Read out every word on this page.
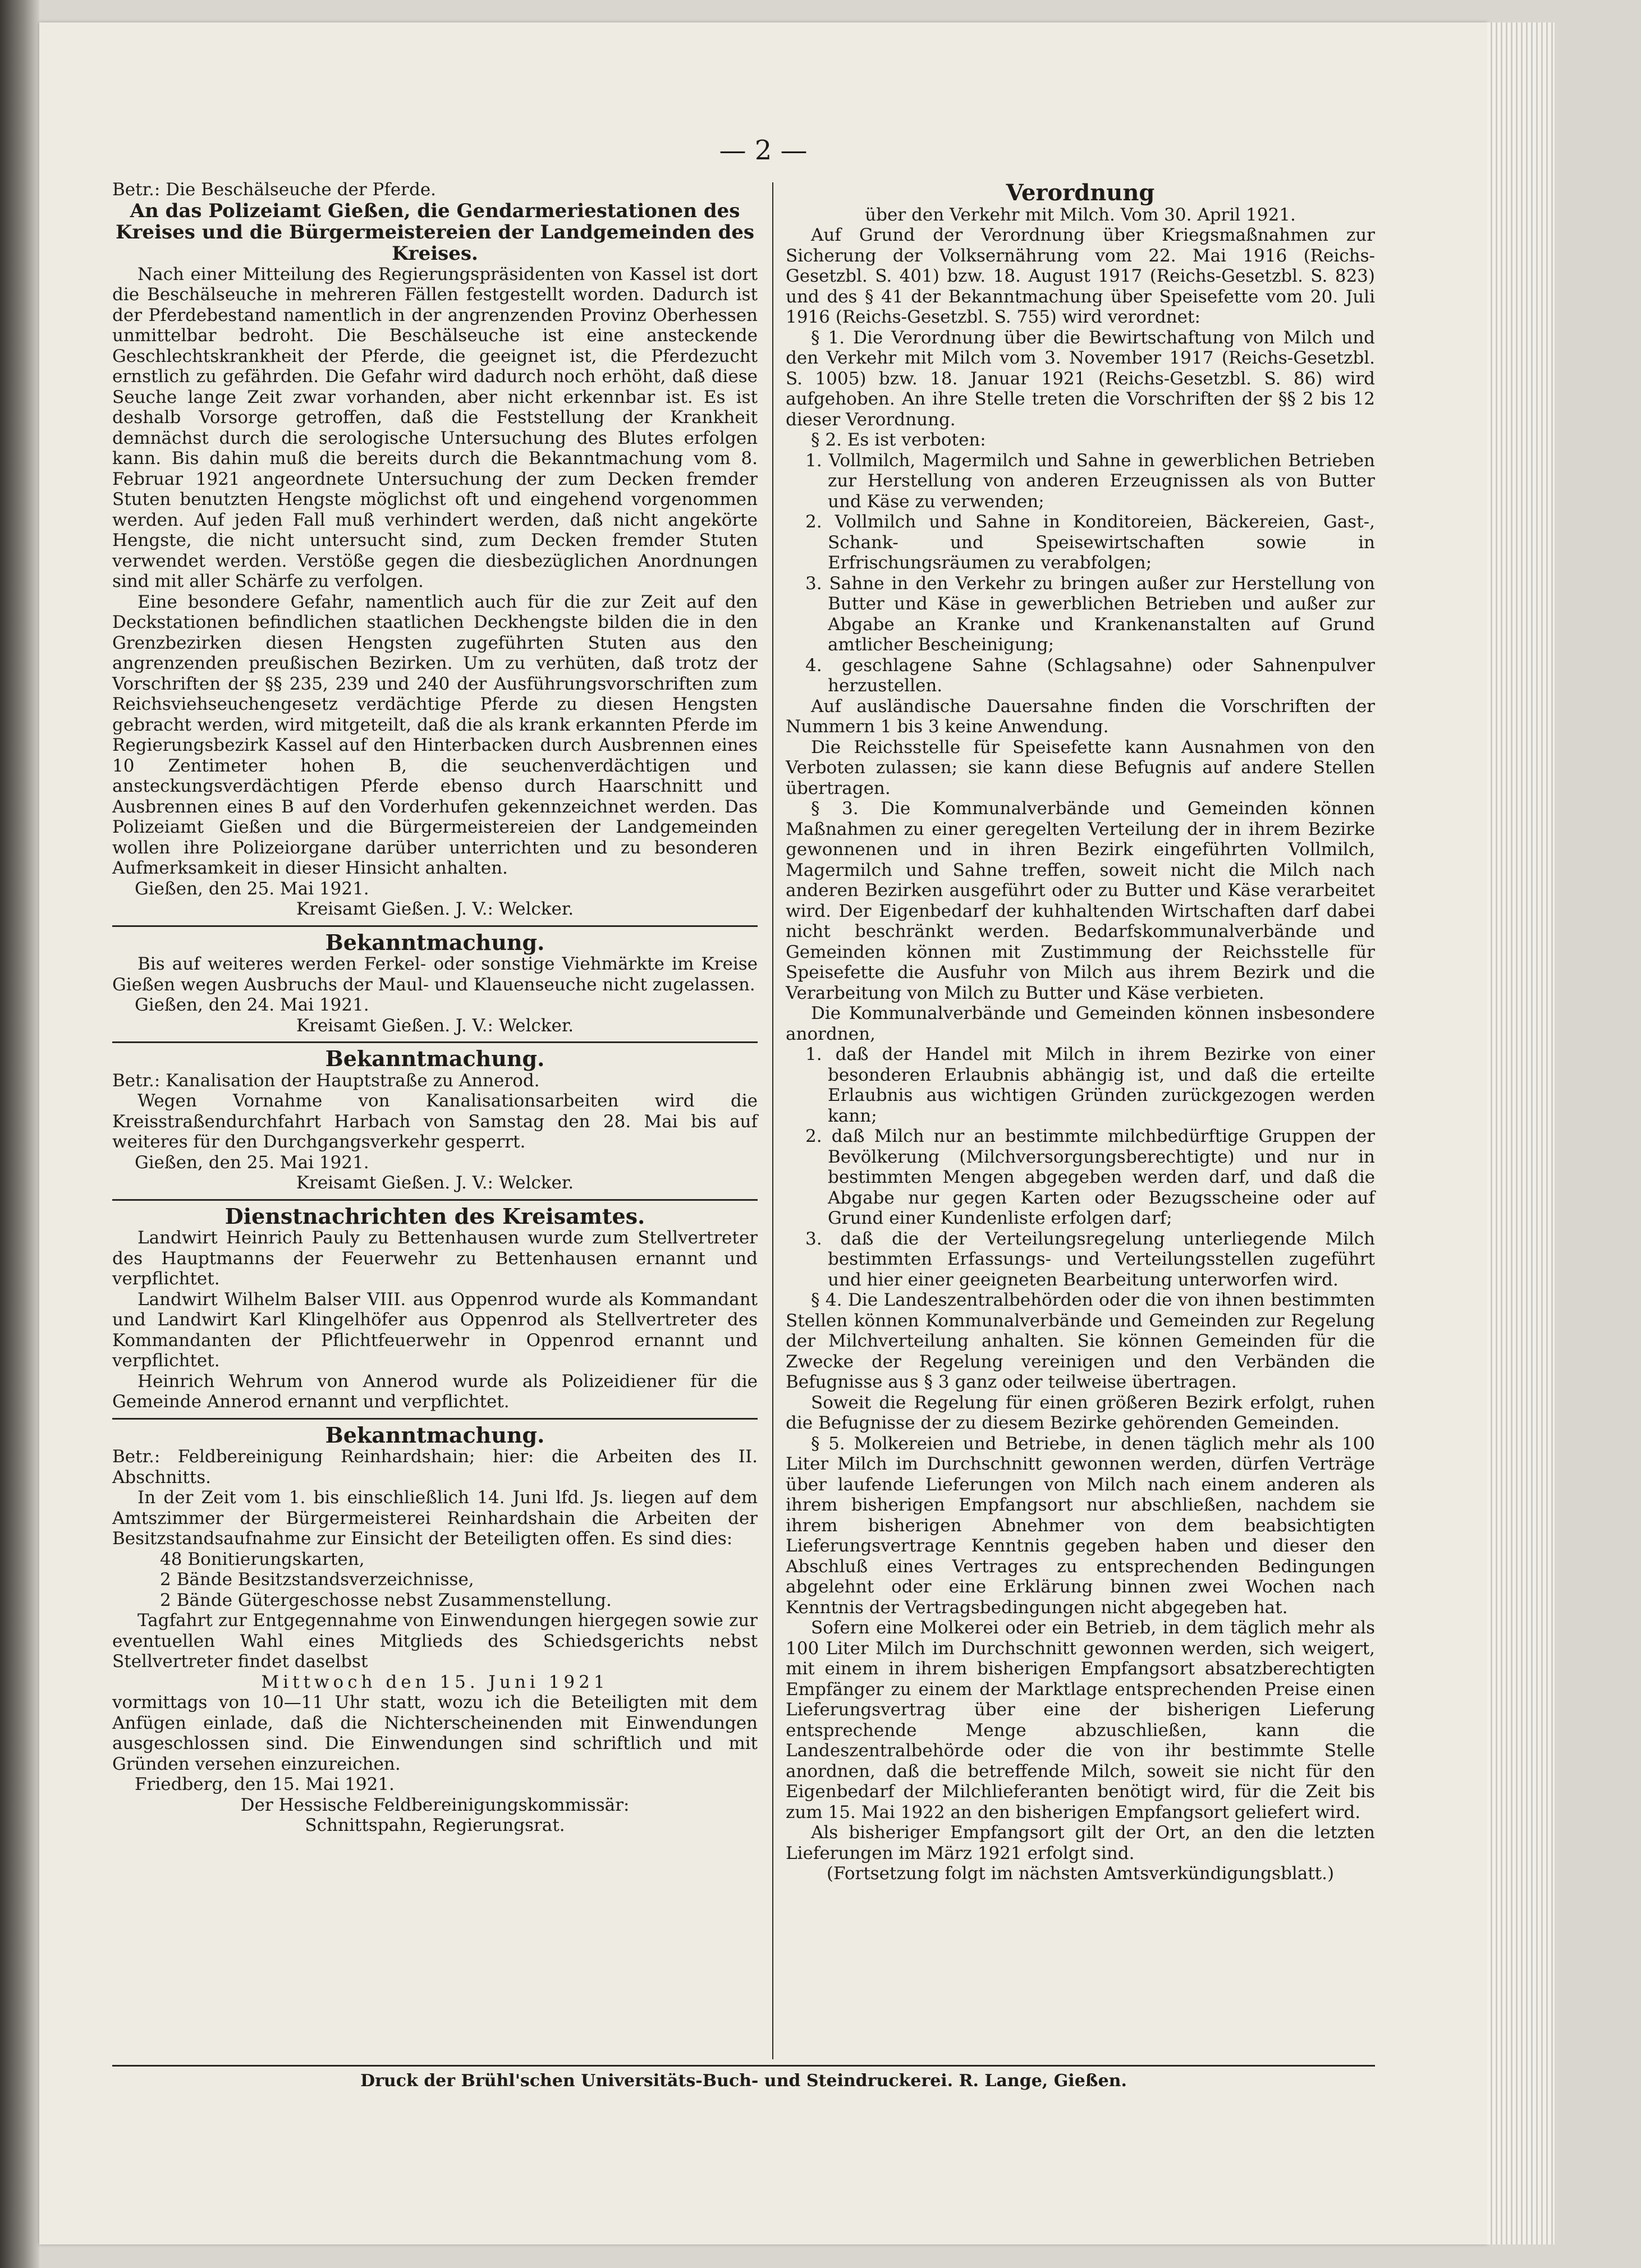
— 2 —

Betr.: Die Beschälseuche der Pferde.

An das Polizeiamt Gießen, die Gendarmeriestationen des Kreises und die Bürgermeistereien der Landgemeinden des Kreises.

Nach einer Mitteilung des Regierungspräsidenten von Kassel ist dort die Beschälseuche in mehreren Fällen festgestellt worden. Dadurch ist der Pferdebestand namentlich in der angrenzenden Provinz Oberhessen unmittelbar bedroht. Die Beschälseuche ist eine ansteckende Geschlechtskrankheit der Pferde, die geeignet ist, die Pferdezucht ernstlich zu gefährden. Die Gefahr wird dadurch noch erhöht, daß diese Seuche lange Zeit zwar vorhanden, aber nicht erkennbar ist. Es ist deshalb Vorsorge getroffen, daß die Feststellung der Krankheit demnächst durch die serologische Untersuchung des Blutes erfolgen kann. Bis dahin muß die bereits durch die Bekanntmachung vom 8. Februar 1921 angeordnete Untersuchung der zum Decken fremder Stuten benutzten Hengste möglichst oft und eingehend vorgenommen werden. Auf jeden Fall muß verhindert werden, daß nicht angekörte Hengste, die nicht untersucht sind, zum Decken fremder Stuten verwendet werden. Verstöße gegen die diesbezüglichen Anordnungen sind mit aller Schärfe zu verfolgen.

Eine besondere Gefahr, namentlich auch für die zur Zeit auf den Deckstationen befindlichen staatlichen Deckhengste bilden die in den Grenzbezirken diesen Hengsten zugeführten Stuten aus den angrenzenden preußischen Bezirken. Um zu verhüten, daß trotz der Vorschriften der §§ 235, 239 und 240 der Ausführungsvorschriften zum Reichsviehseuchengesetz verdächtige Pferde zu diesen Hengsten gebracht werden, wird mitgeteilt, daß die als krank erkannten Pferde im Regierungsbezirk Kassel auf den Hinterbacken durch Ausbrennen eines 10 Zentimeter hohen B, die seuchenverdächtigen und ansteckungsverdächtigen Pferde ebenso durch Haarschnitt und Ausbrennen eines B auf den Vorderhufen gekennzeichnet werden. Das Polizeiamt Gießen und die Bürgermeistereien der Landgemeinden wollen ihre Polizeiorgane darüber unterrichten und zu besonderen Aufmerksamkeit in dieser Hinsicht anhalten.

Gießen, den 25. Mai 1921.

Kreisamt Gießen. J. V.: Welcker.

Bekanntmachung.

Bis auf weiteres werden Ferkel- oder sonstige Viehmärkte im Kreise Gießen wegen Ausbruchs der Maul- und Klauenseuche nicht zugelassen.

Gießen, den 24. Mai 1921.

Kreisamt Gießen. J. V.: Welcker.

Bekanntmachung.

Betr.: Kanalisation der Hauptstraße zu Annerod.

Wegen Vornahme von Kanalisationsarbeiten wird die Kreisstraßendurchfahrt Harbach von Samstag den 28. Mai bis auf weiteres für den Durchgangsverkehr gesperrt.

Gießen, den 25. Mai 1921.

Kreisamt Gießen. J. V.: Welcker.

Dienstnachrichten des Kreisamtes.

Landwirt Heinrich Pauly zu Bettenhausen wurde zum Stellvertreter des Hauptmanns der Feuerwehr zu Bettenhausen ernannt und verpflichtet.

Landwirt Wilhelm Balser VIII. aus Oppenrod wurde als Kommandant und Landwirt Karl Klingelhöfer aus Oppenrod als Stellvertreter des Kommandanten der Pflichtfeuerwehr in Oppenrod ernannt und verpflichtet.

Heinrich Wehrum von Annerod wurde als Polizeidiener für die Gemeinde Annerod ernannt und verpflichtet.

Bekanntmachung.

Betr.: Feldbereinigung Reinhardshain; hier: die Arbeiten des II. Abschnitts.

In der Zeit vom 1. bis einschließlich 14. Juni lfd. Js. liegen auf dem Amtszimmer der Bürgermeisterei Reinhardshain die Arbeiten der Besitzstandsaufnahme zur Einsicht der Beteiligten offen. Es sind dies:

48 Bonitierungskarten,

2 Bände Besitzstandsverzeichnisse,

2 Bände Gütergeschosse nebst Zusammenstellung.

Tagfahrt zur Entgegennahme von Einwendungen hiergegen sowie zur eventuellen Wahl eines Mitglieds des Schiedsgerichts nebst Stellvertreter findet daselbst

Mittwoch den 15. Juni 1921

vormittags von 10—11 Uhr statt, wozu ich die Beteiligten mit dem Anfügen einlade, daß die Nichterscheinenden mit Einwendungen ausgeschlossen sind. Die Einwendungen sind schriftlich und mit Gründen versehen einzureichen.

Friedberg, den 15. Mai 1921.

Der Hessische Feldbereinigungskommissär:

Schnittspahn, Regierungsrat.

Verordnung

über den Verkehr mit Milch. Vom 30. April 1921.

Auf Grund der Verordnung über Kriegsmaßnahmen zur Sicherung der Volksernährung vom 22. Mai 1916 (Reichs-Gesetzbl. S. 401) bzw. 18. August 1917 (Reichs-Gesetzbl. S. 823) und des § 41 der Bekanntmachung über Speisefette vom 20. Juli 1916 (Reichs-Gesetzbl. S. 755) wird verordnet:

§ 1. Die Verordnung über die Bewirtschaftung von Milch und den Verkehr mit Milch vom 3. November 1917 (Reichs-Gesetzbl. S. 1005) bzw. 18. Januar 1921 (Reichs-Gesetzbl. S. 86) wird aufgehoben. An ihre Stelle treten die Vorschriften der §§ 2 bis 12 dieser Verordnung.

§ 2. Es ist verboten:

1. Vollmilch, Magermilch und Sahne in gewerblichen Betrieben zur Herstellung von anderen Erzeugnissen als von Butter und Käse zu verwenden;

2. Vollmilch und Sahne in Konditoreien, Bäckereien, Gast-, Schank- und Speisewirtschaften sowie in Erfrischungsräumen zu verabfolgen;

3. Sahne in den Verkehr zu bringen außer zur Herstellung von Butter und Käse in gewerblichen Betrieben und außer zur Abgabe an Kranke und Krankenanstalten auf Grund amtlicher Bescheinigung;

4. geschlagene Sahne (Schlagsahne) oder Sahnenpulver herzustellen.

Auf ausländische Dauersahne finden die Vorschriften der Nummern 1 bis 3 keine Anwendung.

Die Reichsstelle für Speisefette kann Ausnahmen von den Verboten zulassen; sie kann diese Befugnis auf andere Stellen übertragen.

§ 3. Die Kommunalverbände und Gemeinden können Maßnahmen zu einer geregelten Verteilung der in ihrem Bezirke gewonnenen und in ihren Bezirk eingeführten Vollmilch, Magermilch und Sahne treffen, soweit nicht die Milch nach anderen Bezirken ausgeführt oder zu Butter und Käse verarbeitet wird. Der Eigenbedarf der kuhhaltenden Wirtschaften darf dabei nicht beschränkt werden. Bedarfskommunalverbände und Gemeinden können mit Zustimmung der Reichsstelle für Speisefette die Ausfuhr von Milch aus ihrem Bezirk und die Verarbeitung von Milch zu Butter und Käse verbieten.

Die Kommunalverbände und Gemeinden können insbesondere anordnen,

1. daß der Handel mit Milch in ihrem Bezirke von einer besonderen Erlaubnis abhängig ist, und daß die erteilte Erlaubnis aus wichtigen Gründen zurückgezogen werden kann;

2. daß Milch nur an bestimmte milchbedürftige Gruppen der Bevölkerung (Milchversorgungsberechtigte) und nur in bestimmten Mengen abgegeben werden darf, und daß die Abgabe nur gegen Karten oder Bezugsscheine oder auf Grund einer Kundenliste erfolgen darf;

3. daß die der Verteilungsregelung unterliegende Milch bestimmten Erfassungs- und Verteilungsstellen zugeführt und hier einer geeigneten Bearbeitung unterworfen wird.

§ 4. Die Landeszentralbehörden oder die von ihnen bestimmten Stellen können Kommunalverbände und Gemeinden zur Regelung der Milchverteilung anhalten. Sie können Gemeinden für die Zwecke der Regelung vereinigen und den Verbänden die Befugnisse aus § 3 ganz oder teilweise übertragen.

Soweit die Regelung für einen größeren Bezirk erfolgt, ruhen die Befugnisse der zu diesem Bezirke gehörenden Gemeinden.

§ 5. Molkereien und Betriebe, in denen täglich mehr als 100 Liter Milch im Durchschnitt gewonnen werden, dürfen Verträge über laufende Lieferungen von Milch nach einem anderen als ihrem bisherigen Empfangsort nur abschließen, nachdem sie ihrem bisherigen Abnehmer von dem beabsichtigten Lieferungsvertrage Kenntnis gegeben haben und dieser den Abschluß eines Vertrages zu entsprechenden Bedingungen abgelehnt oder eine Erklärung binnen zwei Wochen nach Kenntnis der Vertragsbedingungen nicht abgegeben hat.

Sofern eine Molkerei oder ein Betrieb, in dem täglich mehr als 100 Liter Milch im Durchschnitt gewonnen werden, sich weigert, mit einem in ihrem bisherigen Empfangsort absatzberechtigten Empfänger zu einem der Marktlage entsprechenden Preise einen Lieferungsvertrag über eine der bisherigen Lieferung entsprechende Menge abzuschließen, kann die Landeszentralbehörde oder die von ihr bestimmte Stelle anordnen, daß die betreffende Milch, soweit sie nicht für den Eigenbedarf der Milchlieferanten benötigt wird, für die Zeit bis zum 15. Mai 1922 an den bisherigen Empfangsort geliefert wird.

Als bisheriger Empfangsort gilt der Ort, an den die letzten Lieferungen im März 1921 erfolgt sind.

(Fortsetzung folgt im nächsten Amtsverkündigungsblatt.)

Druck der Brühl'schen Universitäts-Buch- und Steindruckerei. R. Lange, Gießen.
